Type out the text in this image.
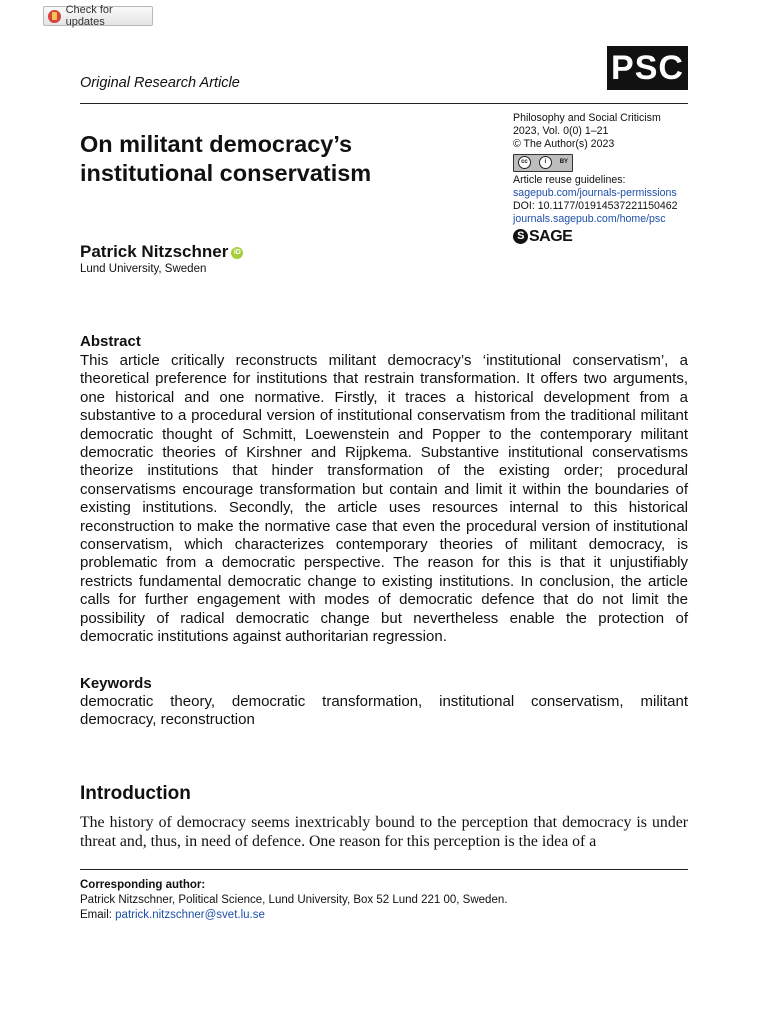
Check for updates
Original Research Article	PSC
On militant democracy’s institutional conservatism
Philosophy and Social Criticism
2023, Vol. 0(0) 1–21
© The Author(s) 2023
cc	i	BY
Article reuse guidelines:
sagepub.com/journals-permissions
DOI: 10.1177/01914537221150462
journals.sagepub.com/home/psc
S SAGE
Patrick Nitzschner iD
Lund University, Sweden
Abstract
This article critically reconstructs militant democracy’s ‘institutional conservatism’, a theoretical preference for institutions that restrain transformation. It offers two arguments, one historical and one normative. Firstly, it traces a historical development from a substantive to a procedural version of institutional conservatism from the traditional militant democratic thought of Schmitt, Loewenstein and Popper to the contemporary militant democratic theories of Kirshner and Rijpkema. Substantive institutional conservatisms theorize institutions that hinder transformation of the existing order; procedural conservatisms encourage transformation but contain and limit it within the boundaries of existing institutions. Secondly, the article uses resources internal to this historical reconstruction to make the normative case that even the procedural version of institutional conservatism, which characterizes contemporary theories of militant democracy, is problematic from a democratic perspective. The reason for this is that it unjustifiably restricts fundamental democratic change to existing institutions. In conclusion, the article calls for further engagement with modes of democratic defence that do not limit the possibility of radical democratic change but nevertheless enable the protection of democratic institutions against authoritarian regression.
Keywords
democratic theory, democratic transformation, institutional conservatism, militant democracy, reconstruction
Introduction
The history of democracy seems inextricably bound to the perception that democracy is under threat and, thus, in need of defence. One reason for this perception is the idea of a
Corresponding author:
Patrick Nitzschner, Political Science, Lund University, Box 52 Lund 221 00, Sweden.
Email: patrick.nitzschner@svet.lu.se
